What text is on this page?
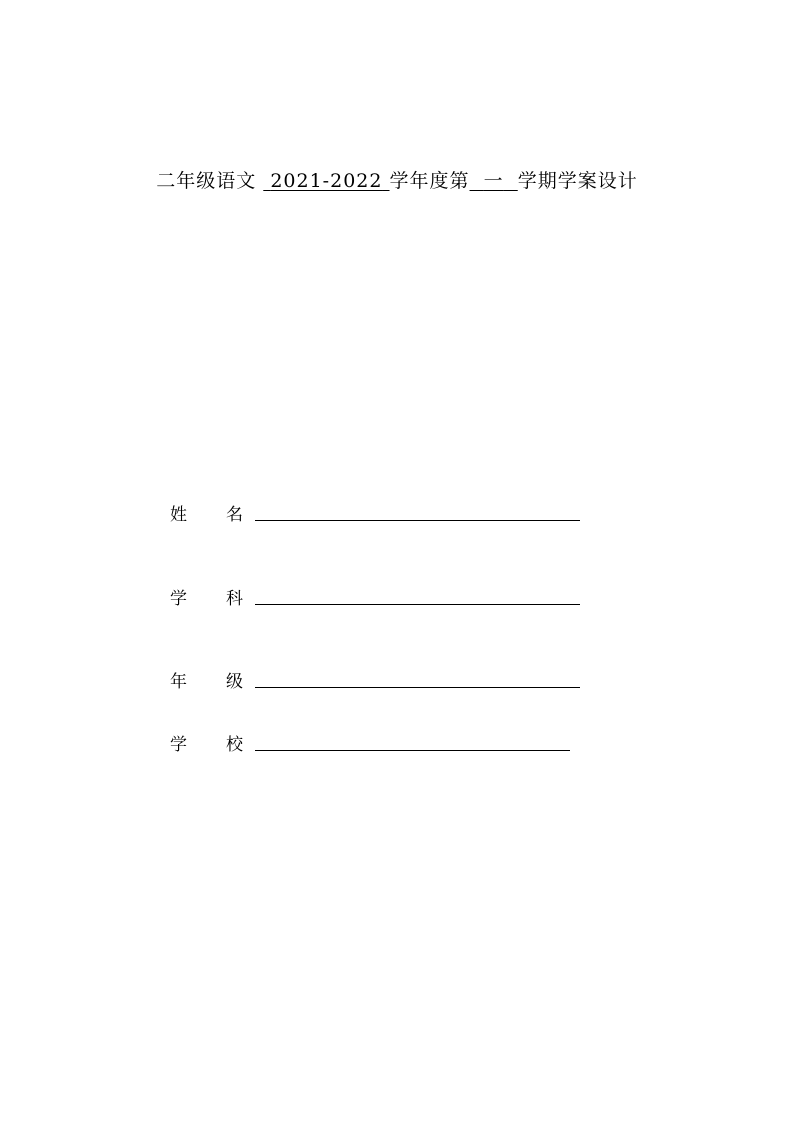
二年级语文  2021-2022 学年度第 一 学期学案设计
姓 名
学 科
年 级
学 校
